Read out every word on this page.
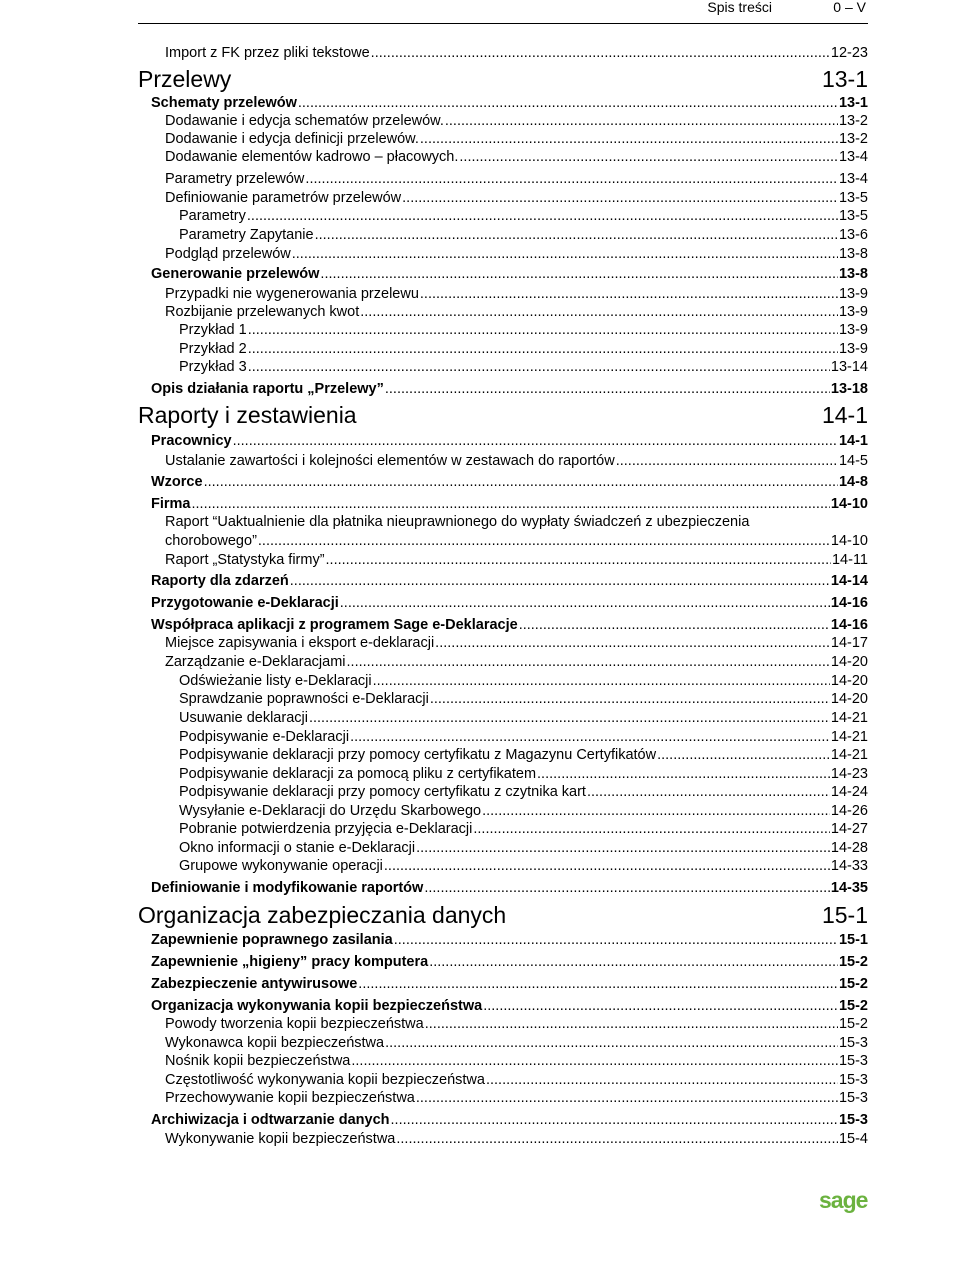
Spis treści	0 – V
Import z FK przez pliki tekstowe .....	12-23
Przelewy	13-1
Schematy przelewów .....	13-1
Dodawanie i edycja schematów przelewów. .....	13-2
Dodawanie i edycja definicji przelewów. .....	13-2
Dodawanie elementów kadrowo – płacowych. .....	13-4
Parametry przelewów .....	13-4
Definiowanie parametrów przelewów .....	13-5
Parametry .....	13-5
Parametry Zapytanie .....	13-6
Podgląd przelewów .....	13-8
Generowanie przelewów .....	13-8
Przypadki nie wygenerowania przelewu .....	13-9
Rozbijanie przelewanych kwot .....	13-9
Przykład 1 .....	13-9
Przykład 2 .....	13-9
Przykład 3 .....	13-14
Opis działania raportu „Przelewy” .....	13-18
Raporty i zestawienia	14-1
Pracownicy .....	14-1
Ustalanie zawartości i kolejności elementów w zestawach do raportów .....	14-5
Wzorce .....	14-8
Firma .....	14-10
Raport “Uaktualnienie dla płatnika nieuprawnionego do wypłaty świadczeń z ubezpieczenia
chorobowego” .....	14-10
Raport „Statystyka firmy” .....	14-11
Raporty dla zdarzeń .....	14-14
Przygotowanie e-Deklaracji .....	14-16
Współpraca aplikacji z programem Sage e-Deklaracje .....	14-16
Miejsce zapisywania i eksport e-deklaracji .....	14-17
Zarządzanie e-Deklaracjami .....	14-20
Odświeżanie listy e-Deklaracji .....	14-20
Sprawdzanie poprawności e-Deklaracji .....	14-20
Usuwanie deklaracji .....	14-21
Podpisywanie e-Deklaracji .....	14-21
Podpisywanie deklaracji przy pomocy certyfikatu z Magazynu Certyfikatów .....	14-21
Podpisywanie deklaracji za pomocą pliku z certyfikatem .....	14-23
Podpisywanie deklaracji przy pomocy certyfikatu z czytnika kart .....	14-24
Wysyłanie e-Deklaracji do Urzędu Skarbowego .....	14-26
Pobranie potwierdzenia przyjęcia e-Deklaracji .....	14-27
Okno informacji o stanie e-Deklaracji .....	14-28
Grupowe wykonywanie operacji .....	14-33
Definiowanie i modyfikowanie raportów .....	14-35
Organizacja zabezpieczania danych	15-1
Zapewnienie poprawnego zasilania .....	15-1
Zapewnienie „higieny” pracy komputera .....	15-2
Zabezpieczenie antywirusowe .....	15-2
Organizacja wykonywania kopii bezpieczeństwa .....	15-2
Powody tworzenia kopii bezpieczeństwa .....	15-2
Wykonawca kopii bezpieczeństwa .....	15-3
Nośnik kopii bezpieczeństwa .....	15-3
Częstotliwość wykonywania kopii bezpieczeństwa .....	15-3
Przechowywanie kopii bezpieczeństwa .....	15-3
Archiwizacja i odtwarzanie danych .....	15-3
Wykonywanie kopii bezpieczeństwa .....	15-4
sage
